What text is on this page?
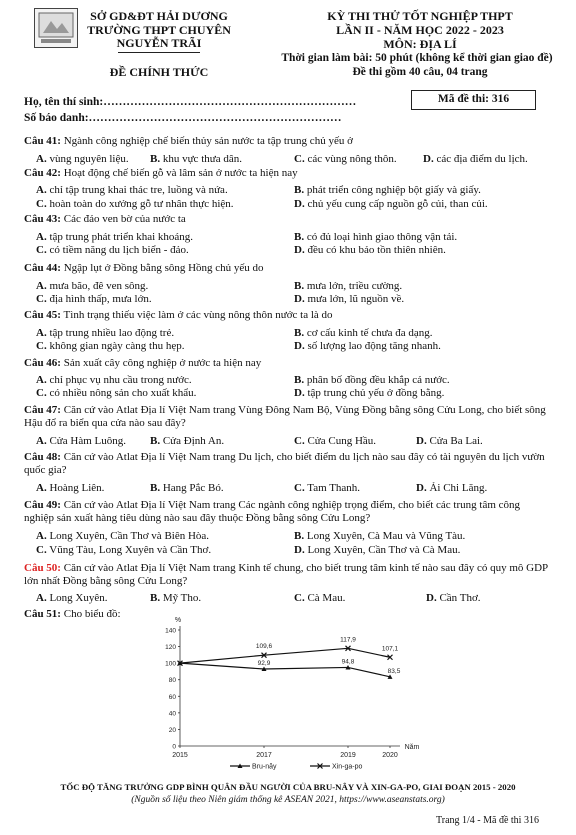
SỞ GD&ĐT HẢI DƯƠNG
TRƯỜNG THPT CHUYÊN
NGUYỄN TRÃI
ĐỀ CHÍNH THỨC
KỲ THI THỬ TỐT NGHIỆP THPT
LẦN II - NĂM HỌC 2022 - 2023
MÔN: ĐỊA LÍ
Thời gian làm bài: 50 phút (không kể thời gian giao đề)
Đề thi gồm 40 câu, 04 trang
Họ, tên thí sinh:…………………………………………………………
Số báo danh:…………………………………………………………
Mã đề thi: 316
Câu 41: Ngành công nghiệp chế biến thủy sản nước ta tập trung chủ yếu ở
A. vùng nguyên liệu. B. khu vực thưa dân.	C. các vùng nông thôn. D. các địa điểm du lịch.
Câu 42: Hoạt động chế biến gỗ và lâm sản ở nước ta hiện nay
A. chỉ tập trung khai thác tre, luồng và nứa.	B. phát triển công nghiệp bột giấy và giấy.
C. hoàn toàn do xưởng gỗ tư nhân thực hiện.	D. chủ yếu cung cấp nguồn gỗ củi, than củi.
Câu 43: Các đảo ven bờ của nước ta
A. tập trung phát triển khai khoáng.	B. có đủ loại hình giao thông vận tải.
C. có tiềm năng du lịch biển - đảo.	D. đều có khu bảo tồn thiên nhiên.
Câu 44: Ngập lụt ở Đồng bằng sông Hồng chủ yếu do
A. mưa bão, đê ven sông.	B. mưa lớn, triều cường.
C. địa hình thấp, mưa lớn.	D. mưa lớn, lũ nguồn về.
Câu 45: Tình trạng thiếu việc làm ở các vùng nông thôn nước ta là do
A. tập trung nhiều lao động trẻ.	B. cơ cấu kinh tế chưa đa dạng.
C. không gian ngày càng thu hẹp.	D. số lượng lao động tăng nhanh.
Câu 46: Sản xuất cây công nghiệp ở nước ta hiện nay
A. chỉ phục vụ nhu cầu trong nước.	B. phân bố đồng đều khắp cả nước.
C. có nhiều nông sản cho xuất khẩu.	D. tập trung chủ yếu ở đồng bằng.
Câu 47: Căn cứ vào Atlat Địa lí Việt Nam trang Vùng Đông Nam Bộ, Vùng Đồng bằng sông Cửu Long, cho biết sông Hậu đổ ra biển qua cửa nào sau đây?
A. Cửa Hàm Luông. B. Cửa Định An.	C. Cửa Cung Hầu.	D. Cửa Ba Lai.
Câu 48: Căn cứ vào Atlat Địa lí Việt Nam trang Du lịch, cho biết điểm du lịch nào sau đây có tài nguyên du lịch vườn quốc gia?
A. Hoàng Liên.	B. Hang Pắc Bó.	C. Tam Thanh.	D. Ải Chi Lăng.
Câu 49: Căn cứ vào Atlat Địa lí Việt Nam trang Các ngành công nghiệp trọng điểm, cho biết các trung tâm công nghiệp sản xuất hàng tiêu dùng nào sau đây thuộc Đồng bằng sông Cửu Long?
A. Long Xuyên, Cần Thơ và Biên Hòa.	B. Long Xuyên, Cà Mau và Vũng Tàu.
C. Vũng Tàu, Long Xuyên và Cần Thơ.	D. Long Xuyên, Cần Thơ và Cà Mau.
Câu 50: Căn cứ vào Atlat Địa lí Việt Nam trang Kinh tế chung, cho biết trung tâm kinh tế nào sau đây có quy mô GDP lớn nhất Đồng bằng sông Cửu Long?
A. Long Xuyên.	B. Mỹ Tho.	C. Cà Mau.	D. Cần Thơ.
Câu 51: Cho biểu đồ:
0
20
40
60
80
100
120
140
%
2015	2017	2019	2020
Năm
92,9	94,8
83,5
109,6
117,9
107,1
Bru-nây	Xin-ga-po
TỐC ĐỘ TĂNG TRƯỞNG GDP BÌNH QUÂN ĐẦU NGƯỜI CỦA BRU-NÂY VÀ XIN-GA-PO, GIAI ĐOẠN 2015 - 2020
(Nguồn số liệu theo Niên giám thống kê ASEAN 2021, https://www.aseanstats.org)
Trang 1/4 - Mã đề thi 316
